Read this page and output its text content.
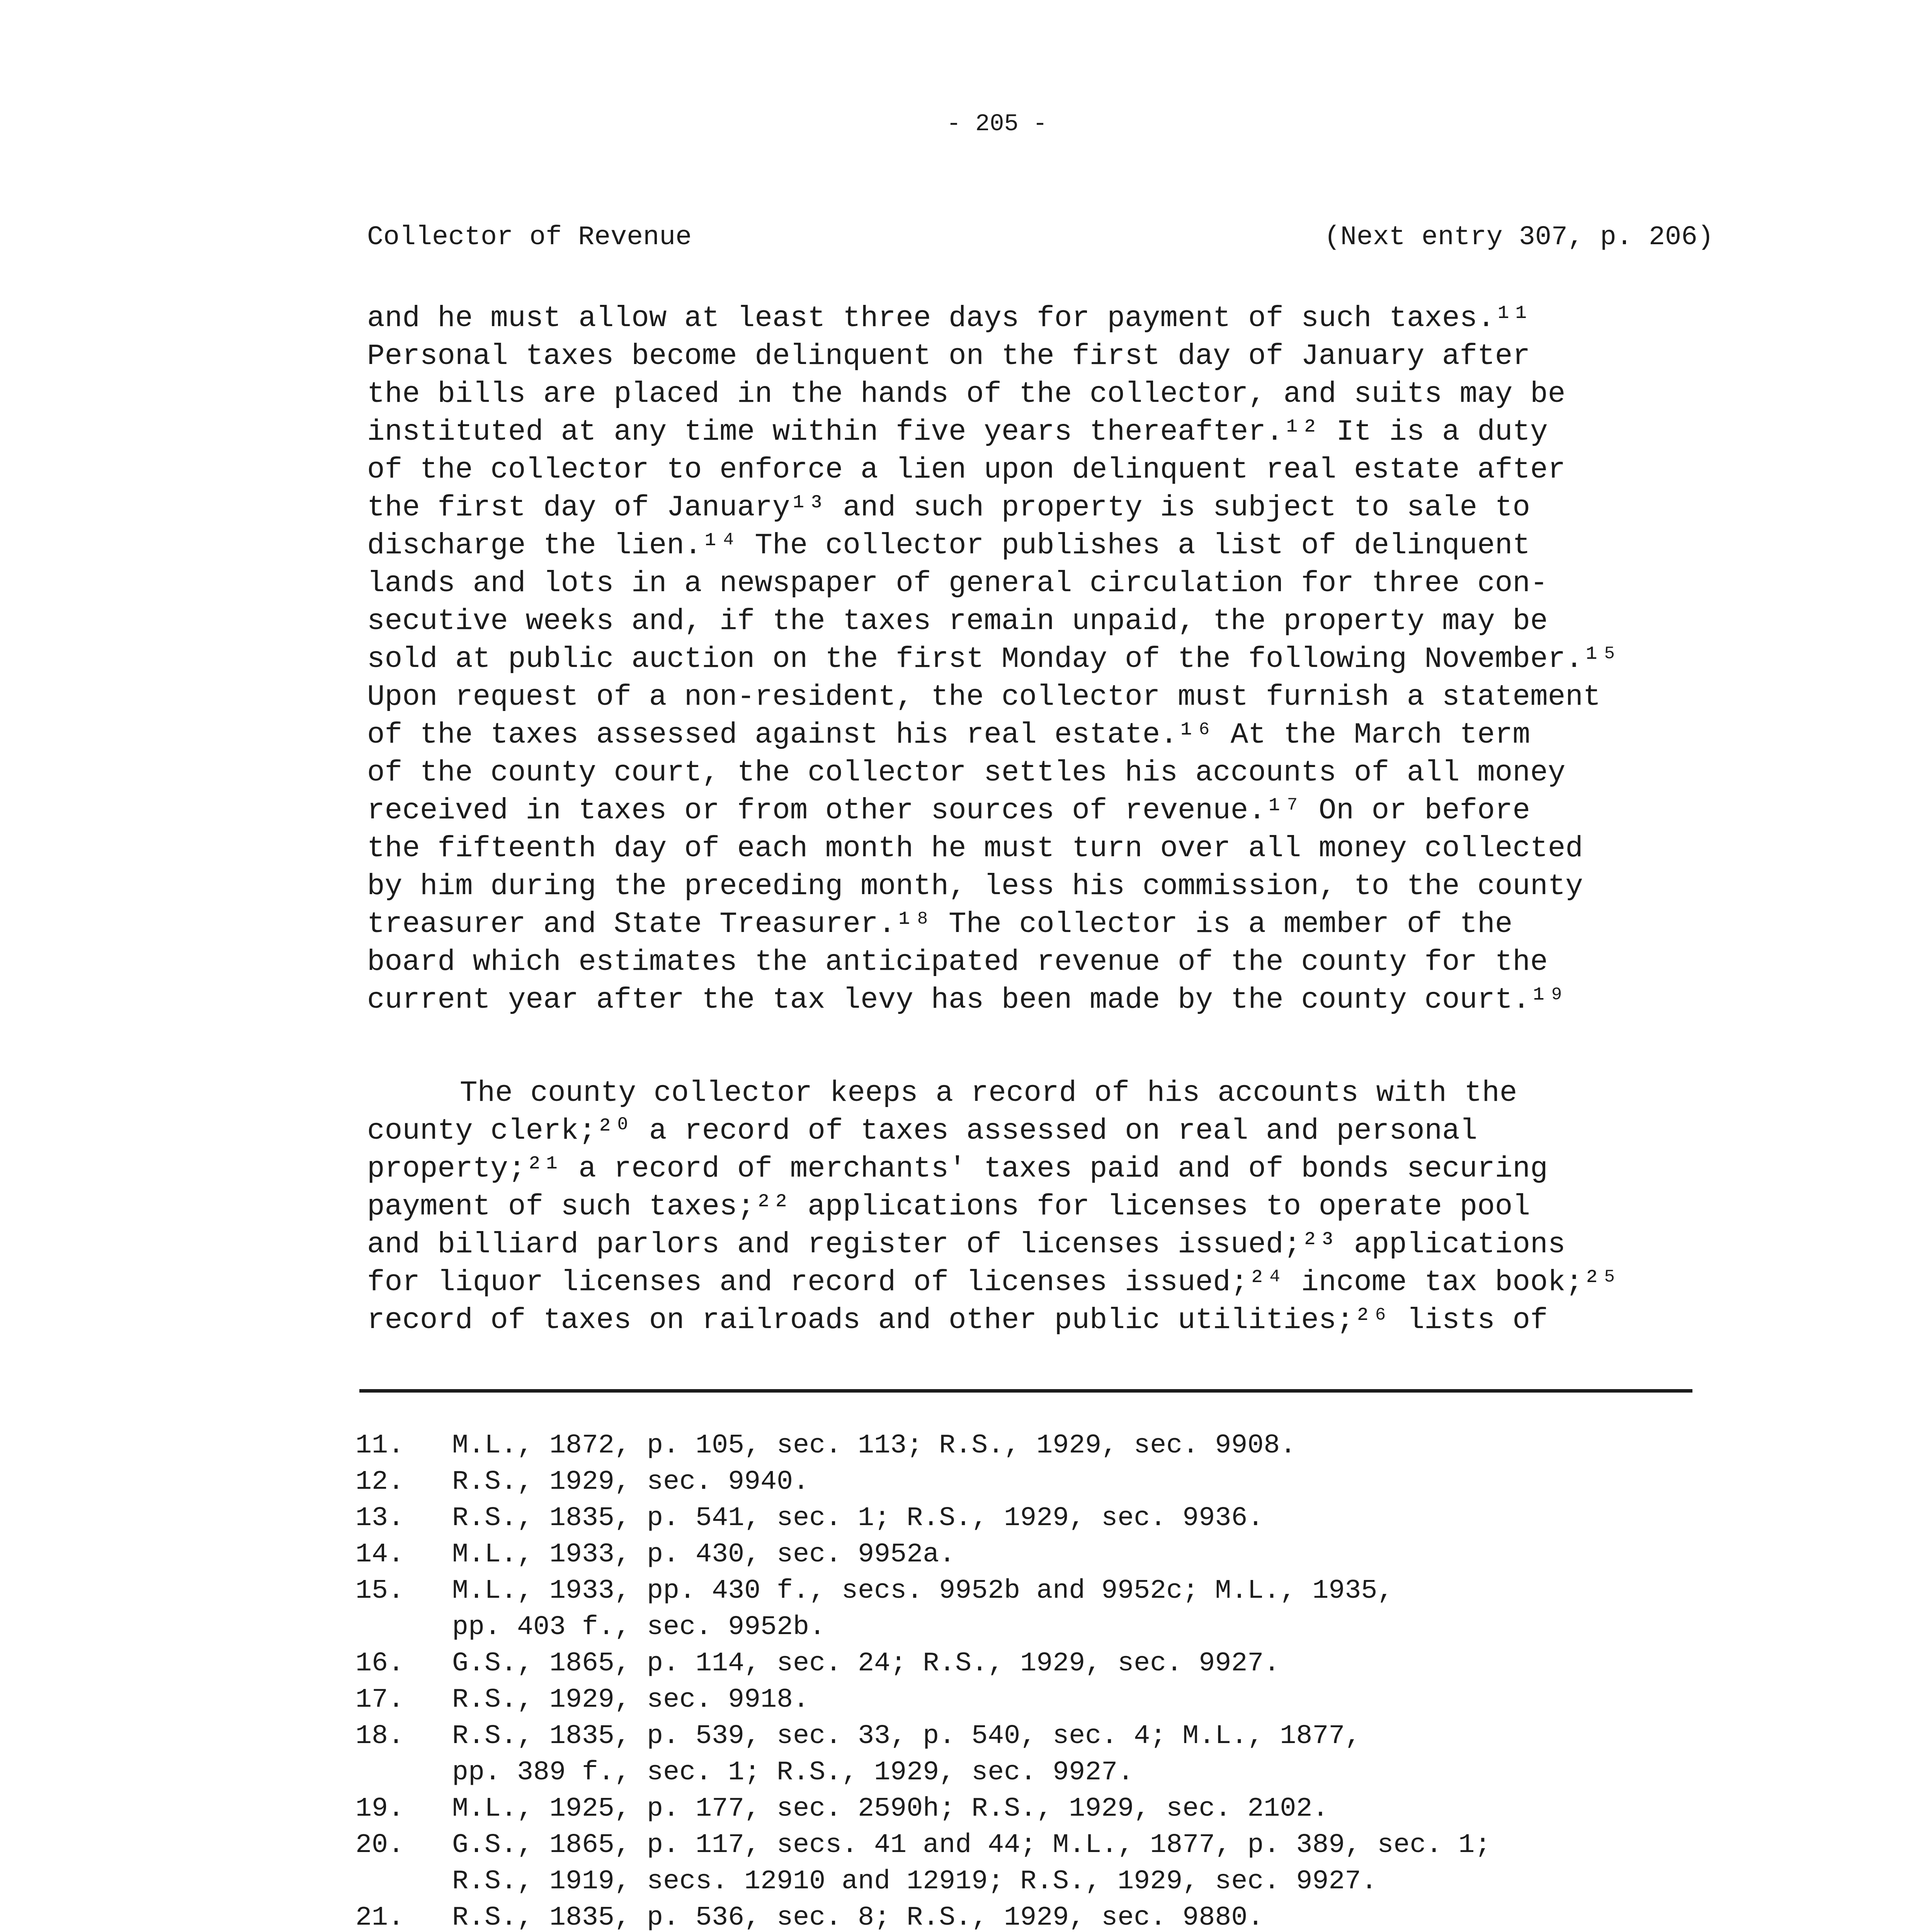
- 205 -
Collector of Revenue	(Next entry 307, p. 206)
and he must allow at least three days for payment of such taxes.¹¹
Personal taxes become delinquent on the first day of January after
the bills are placed in the hands of the collector, and suits may be
instituted at any time within five years thereafter.¹² It is a duty
of the collector to enforce a lien upon delinquent real estate after
the first day of January¹³ and such property is subject to sale to
discharge the lien.¹⁴ The collector publishes a list of delinquent
lands and lots in a newspaper of general circulation for three con-
secutive weeks and, if the taxes remain unpaid, the property may be
sold at public auction on the first Monday of the following November.¹⁵
Upon request of a non-resident, the collector must furnish a statement
of the taxes assessed against his real estate.¹⁶ At the March term
of the county court, the collector settles his accounts of all money
received in taxes or from other sources of revenue.¹⁷ On or before
the fifteenth day of each month he must turn over all money collected
by him during the preceding month, less his commission, to the county
treasurer and State Treasurer.¹⁸ The collector is a member of the
board which estimates the anticipated revenue of the county for the
current year after the tax levy has been made by the county court.¹⁹
The county collector keeps a record of his accounts with the
county clerk;²⁰ a record of taxes assessed on real and personal
property;²¹ a record of merchants' taxes paid and of bonds securing
payment of such taxes;²² applications for licenses to operate pool
and billiard parlors and register of licenses issued;²³ applications
for liquor licenses and record of licenses issued;²⁴ income tax book;²⁵
record of taxes on railroads and other public utilities;²⁶ lists of
11. M.L., 1872, p. 105, sec. 113; R.S., 1929, sec. 9908.
12. R.S., 1929, sec. 9940.
13. R.S., 1835, p. 541, sec. 1; R.S., 1929, sec. 9936.
14. M.L., 1933, p. 430, sec. 9952a.
15. M.L., 1933, pp. 430 f., secs. 9952b and 9952c; M.L., 1935,
pp. 403 f., sec. 9952b.
16. G.S., 1865, p. 114, sec. 24; R.S., 1929, sec. 9927.
17. R.S., 1929, sec. 9918.
18. R.S., 1835, p. 539, sec. 33, p. 540, sec. 4; M.L., 1877,
pp. 389 f., sec. 1; R.S., 1929, sec. 9927.
19. M.L., 1925, p. 177, sec. 2590h; R.S., 1929, sec. 2102.
20. G.S., 1865, p. 117, secs. 41 and 44; M.L., 1877, p. 389, sec. 1;
R.S., 1919, secs. 12910 and 12919; R.S., 1929, sec. 9927.
21. R.S., 1835, p. 536, sec. 8; R.S., 1929, sec. 9880.
